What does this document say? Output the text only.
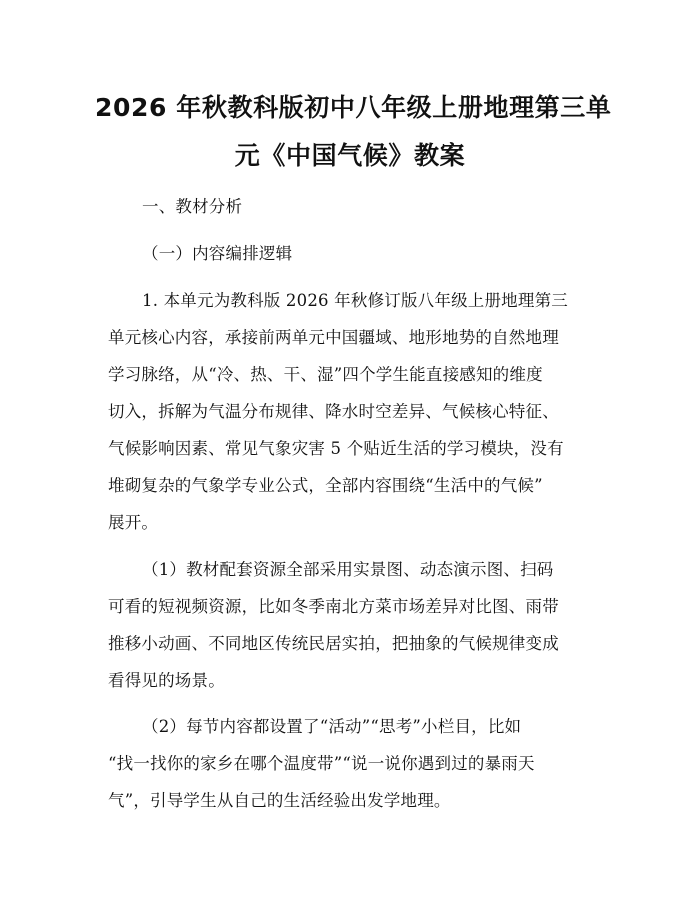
2026 年秋教科版初中八年级上册地理第三单
元《中国气候》教案

一、教材分析

（一）内容编排逻辑

1. 本单元为教科版 2026 年秋修订版八年级上册地理第三

单元核心内容，承接前两单元中国疆域、地形地势的自然地理

学习脉络，从“冷、热、干、湿”四个学生能直接感知的维度

切入，拆解为气温分布规律、降水时空差异、气候核心特征、

气候影响因素、常见气象灾害 5 个贴近生活的学习模块，没有

堆砌复杂的气象学专业公式，全部内容围绕“生活中的气候”

展开。

（1）教材配套资源全部采用实景图、动态演示图、扫码

可看的短视频资源，比如冬季南北方菜市场差异对比图、雨带

推移小动画、不同地区传统民居实拍，把抽象的气候规律变成

看得见的场景。

（2）每节内容都设置了“活动”“思考”小栏目，比如

“找一找你的家乡在哪个温度带”“说一说你遇到过的暴雨天

气”，引导学生从自己的生活经验出发学地理。
